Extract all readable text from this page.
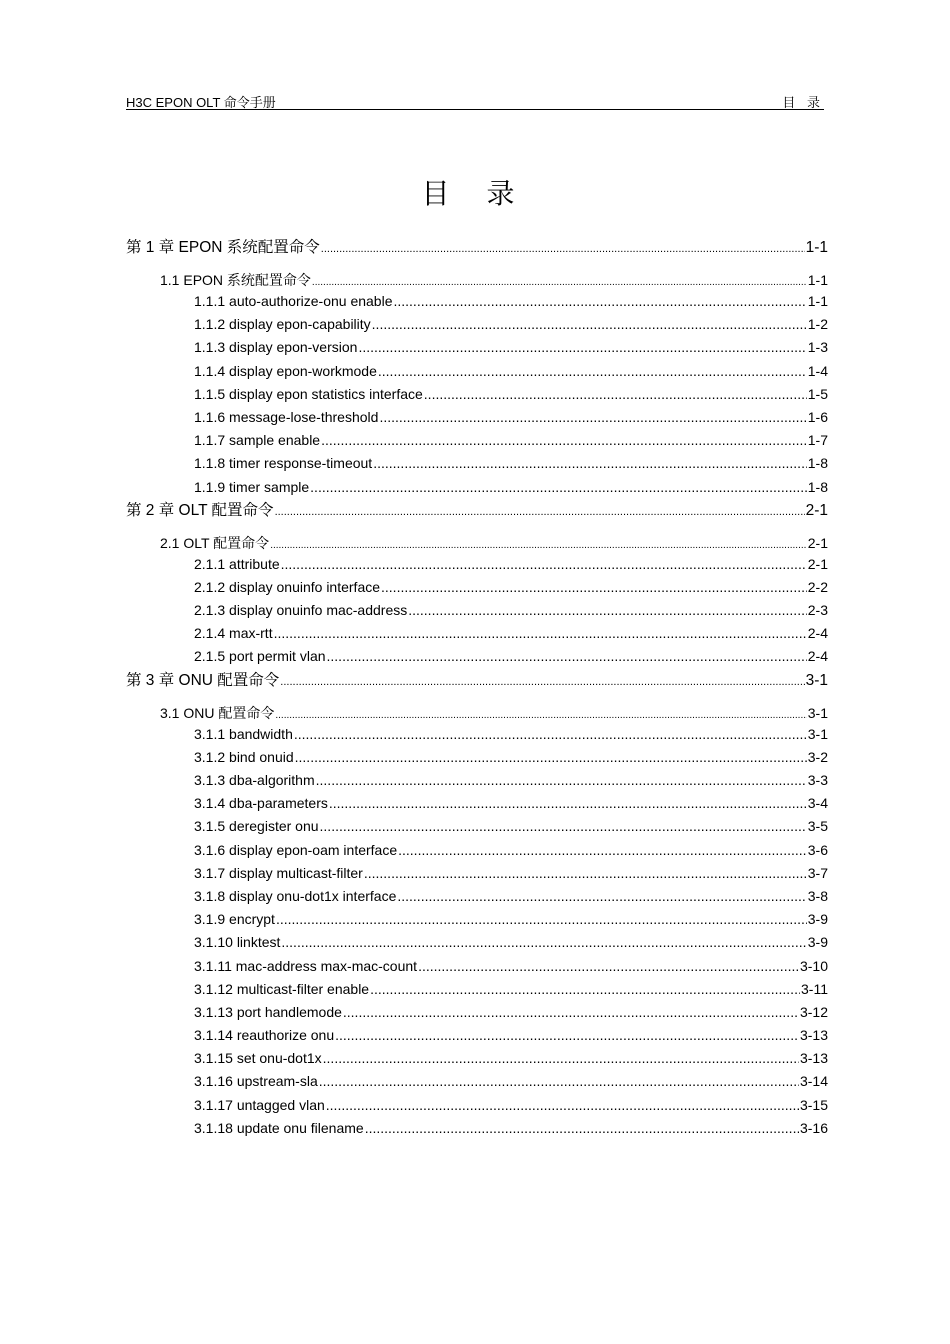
H3C EPON OLT 命令手册	目 录
目 录
第 1 章 EPON 系统配置命令 .....	1-1
1.1 EPON 系统配置命令 .....	1-1
1.1.1 auto-authorize-onu enable .....	1-1
1.1.2 display epon-capability .....	1-2
1.1.3 display epon-version .....	1-3
1.1.4 display epon-workmode .....	1-4
1.1.5 display epon statistics interface .....	1-5
1.1.6 message-lose-threshold .....	1-6
1.1.7 sample enable .....	1-7
1.1.8 timer response-timeout .....	1-8
1.1.9 timer sample .....	1-8
第 2 章 OLT 配置命令 .....	2-1
2.1 OLT 配置命令 .....	2-1
2.1.1 attribute .....	2-1
2.1.2 display onuinfo interface .....	2-2
2.1.3 display onuinfo mac-address .....	2-3
2.1.4 max-rtt .....	2-4
2.1.5 port permit vlan .....	2-4
第 3 章 ONU 配置命令 .....	3-1
3.1 ONU 配置命令 .....	3-1
3.1.1 bandwidth .....	3-1
3.1.2 bind onuid .....	3-2
3.1.3 dba-algorithm .....	3-3
3.1.4 dba-parameters .....	3-4
3.1.5 deregister onu .....	3-5
3.1.6 display epon-oam interface .....	3-6
3.1.7 display multicast-filter .....	3-7
3.1.8 display onu-dot1x interface .....	3-8
3.1.9 encrypt .....	3-9
3.1.10 linktest .....	3-9
3.1.11 mac-address max-mac-count .....	3-10
3.1.12 multicast-filter enable .....	3-11
3.1.13 port handlemode .....	3-12
3.1.14 reauthorize onu .....	3-13
3.1.15 set onu-dot1x .....	3-13
3.1.16 upstream-sla .....	3-14
3.1.17 untagged vlan .....	3-15
3.1.18 update onu filename .....	3-16
